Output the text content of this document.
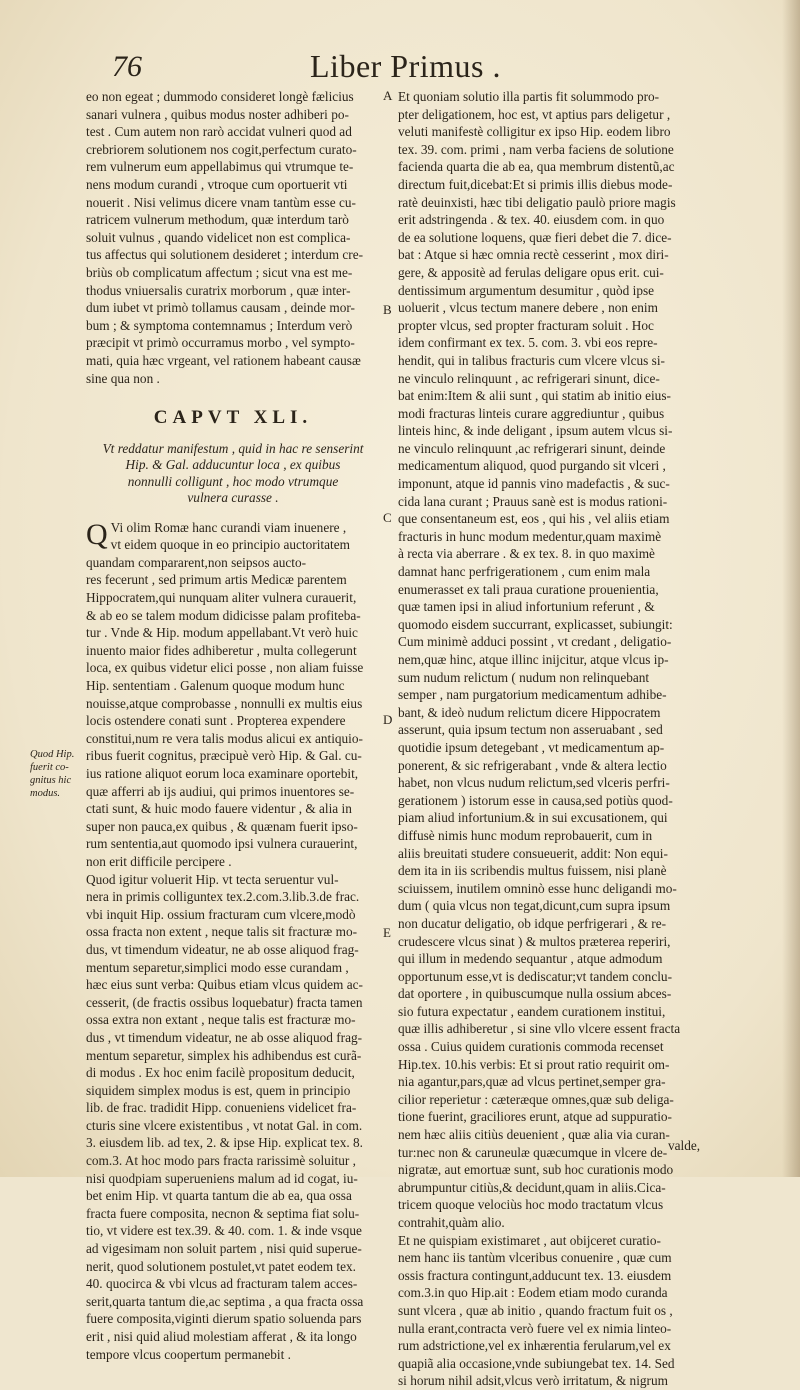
76	Liber Primus .
eo non egeat ; dummodo consideret longè fælicius
sanari vulnera , quibus modus noster adhiberi po-
test . Cum autem non rarò accidat vulneri quod ad
crebriorem solutionem nos cogit,perfectum curato-
rem vulnerum eum appellabimus qui vtrumque te-
nens modum curandi , vtroque cum oportuerit vti
nouerit . Nisi velimus dicere vnam tantùm esse cu-
ratricem vulnerum methodum, quæ interdum tarò
soluit vulnus , quando videlicet non est complica-
tus affectus qui solutionem desideret ; interdum cre-
briùs ob complicatum affectum ; sicut vna est me-
thodus vniuersalis curatrix morborum , quæ inter-
dum iubet vt primò tollamus causam , deinde mor-
bum ; & symptoma contemnamus ; Interdum verò
præcipit vt primò occurramus morbo , vel sympto-
mati, quia hæc vrgeant, vel rationem habeant causæ
sine qua non .
CAPVT XLI.
Vt reddatur manifestum , quid in hac re senserint
Hip. & Gal. adducuntur loca , ex quibus
nonnulli colligunt , hoc modo vtrumque
vulnera curasse .
Q Vi olim Romæ hanc curandi viam inuenere ,
vt eidem quoque in eo principio auctoritatem
quandam compararent,non seipsos aucto-
res fecerunt , sed primum artis Medicæ parentem
Hippocratem,qui nunquam aliter vulnera curauerit,
& ab eo se talem modum didicisse palam profiteba-
tur . Vnde & Hip. modum appellabant.Vt verò huic
inuento maior fides adhiberetur , multa collegerunt
loca, ex quibus videtur elici posse , non aliam fuisse
Hip. sententiam . Galenum quoque modum hunc
nouisse,atque comprobasse , nonnulli ex multis eius
locis ostendere conati sunt . Propterea expendere
constitui,num re vera talis modus alicui ex antiquio-
ribus fuerit cognitus, præcipuè verò Hip. & Gal. cu-
ius ratione aliquot eorum loca examinare oportebit,
quæ afferri ab ijs audiui, qui primos inuentores se-
ctati sunt, & huic modo fauere videntur , & alia in
super non pauca,ex quibus , & quænam fuerit ipso-
rum sententia,aut quomodo ipsi vulnera curauerint,
non erit difficile percipere .
Quod igitur voluerit Hip. vt tecta seruentur vul-
nera in primis colliguntex tex.2.com.3.lib.3.de frac.
vbi inquit Hip. ossium fracturam cum vlcere,modò
ossa fracta non extent , neque talis sit fracturæ mo-
dus, vt timendum videatur, ne ab osse aliquod frag-
mentum separetur,simplici modo esse curandam ,
hæc eius sunt verba: Quibus etiam vlcus quidem ac-
cesserit, (de fractis ossibus loquebatur) fracta tamen
ossa extra non extant , neque talis est fracturæ mo-
dus , vt timendum videatur, ne ab osse aliquod frag-
mentum separetur, simplex his adhibendus est curã-
di modus . Ex hoc enim facilè propositum deducit,
siquidem simplex modus is est, quem in principio
lib. de frac. tradidit Hipp. conueniens videlicet fra-
cturis sine vlcere existentibus , vt notat Gal. in com.
3. eiusdem lib. ad tex, 2. & ipse Hip. explicat tex. 8.
com.3. At hoc modo pars fracta rarissimè soluitur ,
nisi quodpiam superueniens malum ad id cogat, iu-
bet enim Hip. vt quarta tantum die ab ea, qua ossa
fracta fuere composita, necnon & septima fiat solu-
tio, vt videre est tex.39. & 40. com. 1. & inde vsque
ad vigesimam non soluit partem , nisi quid superue-
nerit, quod solutionem postulet,vt patet eodem tex.
40. quocirca & vbi vlcus ad fracturam talem acces-
serit,quarta tantum die,ac septima , a qua fracta ossa
fuere composita,viginti dierum spatio soluenda pars
erit , nisi quid aliud molestiam afferat , & ita longo
tempore vlcus coopertum permanebit .
Et quoniam solutio illa partis fit solummodo pro-
pter deligationem, hoc est, vt aptius pars deligetur ,
veluti manifestè colligitur ex ipso Hip. eodem libro
tex. 39. com. primi , nam verba faciens de solutione
facienda quarta die ab ea, qua membrum distentũ,ac
directum fuit,dicebat:Et si primis illis diebus mode-
ratè deuinxisti, hæc tibi deligatio paulò priore magis
erit adstringenda . & tex. 40. eiusdem com. in quo
de ea solutione loquens, quæ fieri debet die 7. dice-
bat : Atque si hæc omnia rectè cesserint , mox diri-
gere, & appositè ad ferulas deligare opus erit. cui-
dentissimum argumentum desumitur , quòd ipse
uoluerit , vlcus tectum manere debere , non enim
propter vlcus, sed propter fracturam soluit . Hoc
idem confirmant ex tex. 5. com. 3. vbi eos repre-
hendit, qui in talibus fracturis cum vlcere vlcus si-
ne vinculo relinquunt , ac refrigerari sinunt, dice-
bat enim:Item & alii sunt , qui statim ab initio eius-
modi fracturas linteis curare aggrediuntur , quibus
linteis hinc, & inde deligant , ipsum autem vlcus si-
ne vinculo relinquunt ,ac refrigerari sinunt, deinde
medicamentum aliquod, quod purgando sit vlceri ,
imponunt, atque id pannis vino madefactis , & suc-
cida lana curant ; Prauus sanè est is modus rationi-
que consentaneum est, eos , qui his , vel aliis etiam
fracturis in hunc modum medentur,quam maximè
à recta via aberrare . & ex tex. 8. in quo maximè
damnat hanc perfrigerationem , cum enim mala
enumerasset ex tali praua curatione prouenientia,
quæ tamen ipsi in aliud infortunium referunt , &
quomodo eisdem succurrant, explicasset, subiungit:
Cum minimè adduci possint , vt credant , deligatio-
nem,quæ hinc, atque illinc inijcitur, atque vlcus ip-
sum nudum relictum ( nudum non relinquebant
semper , nam purgatorium medicamentum adhibe-
bant, & ideò nudum relictum dicere Hippocratem
asserunt, quia ipsum tectum non asseruabant , sed
quotidie ipsum detegebant , vt medicamentum ap-
ponerent, & sic refrigerabant , vnde & altera lectio
habet, non vlcus nudum relictum,sed vlceris perfri-
gerationem ) istorum esse in causa,sed potiùs quod-
piam aliud infortunium.& in sui excusationem, qui
diffusè nimis hunc modum reprobauerit, cum in
aliis breuitati studere consueuerit, addit: Non equi-
dem ita in iis scribendis multus fuissem, nisi planè
sciuissem, inutilem omninò esse hunc deligandi mo-
dum ( quia vlcus non tegat,dicunt,cum supra ipsum
non ducatur deligatio, ob idque perfrigerari , & re-
crudescere vlcus sinat ) & multos præterea reperiri,
qui illum in medendo sequantur , atque admodum
opportunum esse,vt is dediscatur;vt tandem conclu-
dat oportere , in quibuscumque nulla ossium abces-
sio futura expectatur , eandem curationem institui,
quæ illis adhiberetur , si sine vllo vlcere essent fracta
ossa . Cuius quidem curationis commoda recenset
Hip.tex. 10.his verbis: Et si prout ratio requirit om-
nia agantur,pars,quæ ad vlcus pertinet,semper gra-
cilior reperietur : cæteræque omnes,quæ sub deliga-
tione fuerint, graciliores erunt, atque ad suppuratio-
nem hæc aliis citiùs deuenient , quæ alia via curan-
tur:nec non & caruneulæ quæcumque in vlcere de-
nigratæ, aut emortuæ sunt, sub hoc curationis modo
abrumpuntur citiùs,& decidunt,quam in aliis.Cica-
tricem quoque velociùs hoc modo tractatum vlcus
contrahit,quàm alio.
Et ne quispiam existimaret , aut obijceret curatio-
nem hanc iis tantùm vlceribus conuenire , quæ cum
ossis fractura contingunt,adducunt tex. 13. eiusdem
com.3.in quo Hip.ait : Eodem etiam modo curanda
sunt vlcera , quæ ab initio , quando fractum fuit os ,
nulla erant,contracta verò fuere vel ex nimia linteo-
rum adstrictione,vel ex inhærentia ferularum,vel ex
quapiã alia occasione,vnde subiungebat tex. 14. Sed
si horum nihil adsit,vlcus verò irritatum, & nigrum
A
B
C
D
E
Quod Hip.
fuerit co-
gnitus hic
modus.
valde,
